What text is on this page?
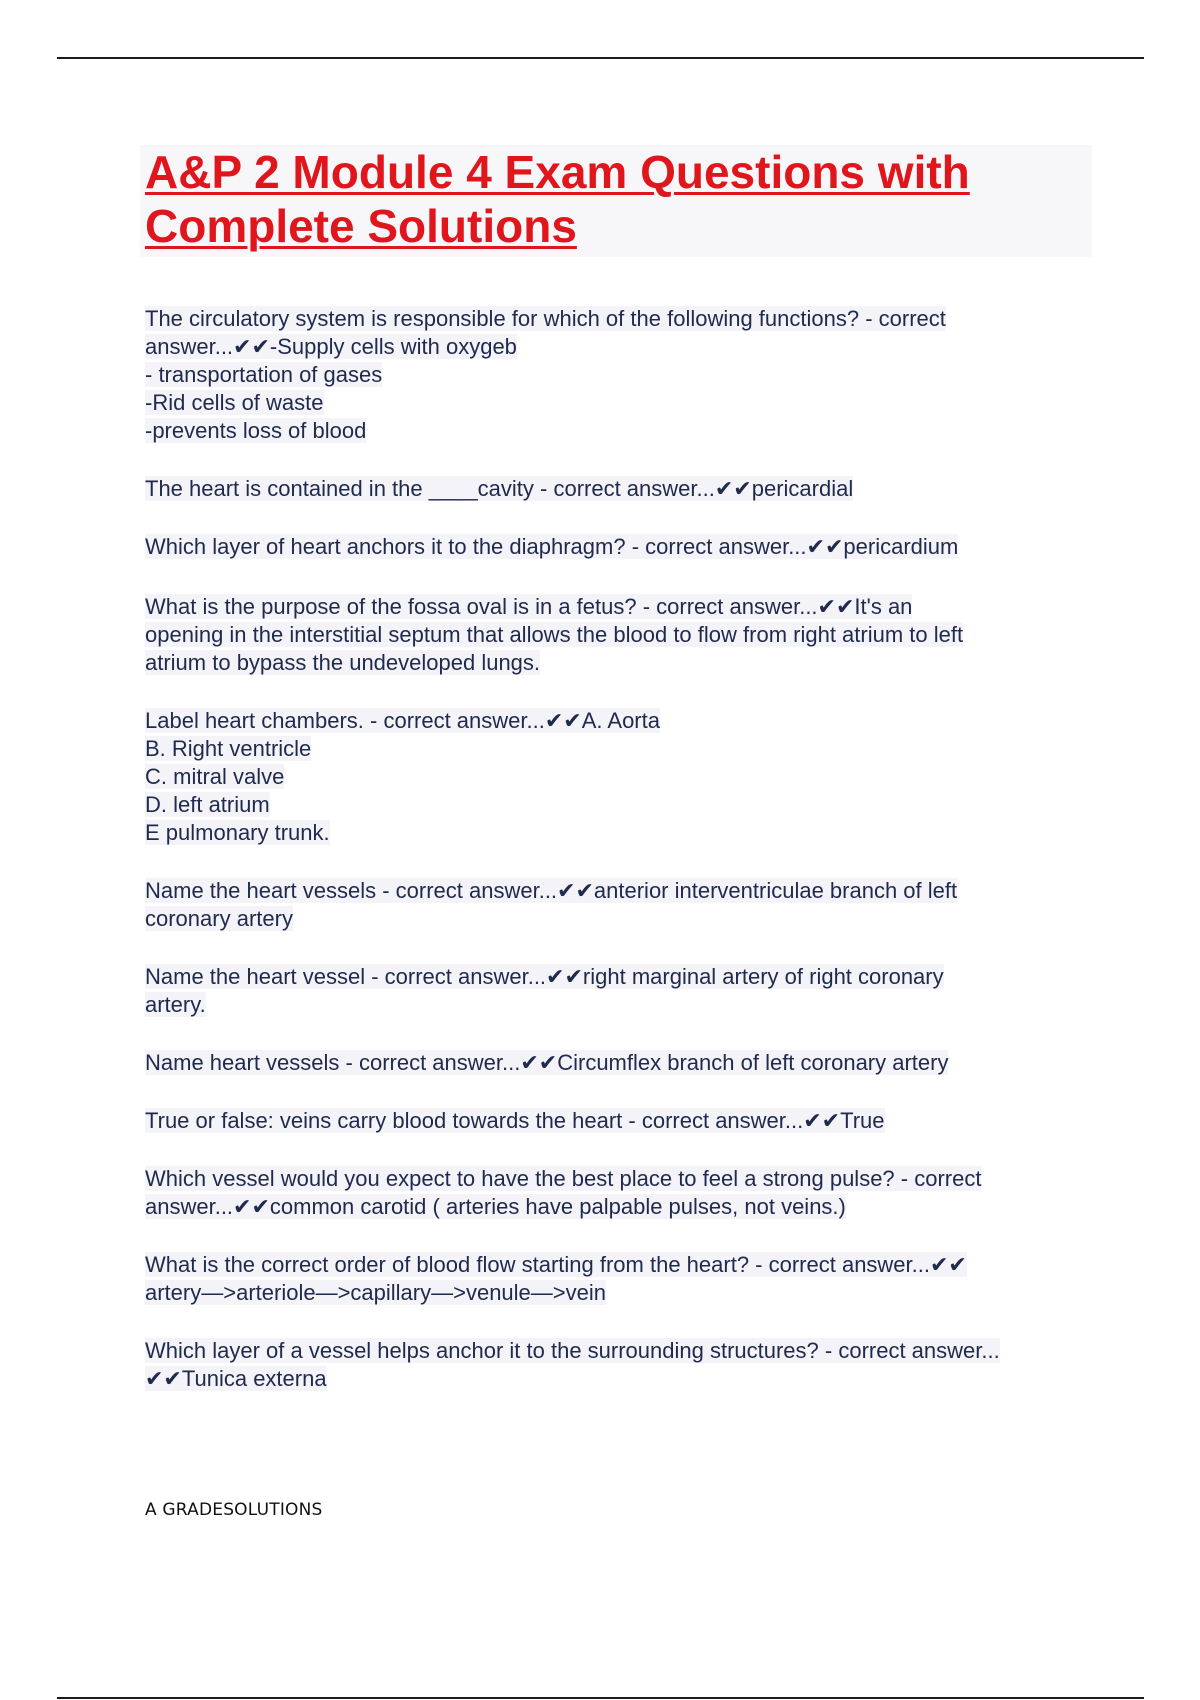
A&P 2 Module 4 Exam Questions with Complete Solutions

The circulatory system is responsible for which of the following functions? - correct
answer...✔✔-Supply cells with oxygeb
- transportation of gases
-Rid cells of waste
-prevents loss of blood

The heart is contained in the ____cavity - correct answer...✔✔pericardial

Which layer of heart anchors it to the diaphragm? - correct answer...✔✔pericardium

What is the purpose of the fossa oval is in a fetus? - correct answer...✔✔It's an
opening in the interstitial septum that allows the blood to flow from right atrium to left
atrium to bypass the undeveloped lungs.

Label heart chambers. - correct answer...✔✔A. Aorta
B. Right ventricle
C. mitral valve
D. left atrium
E pulmonary trunk.

Name the heart vessels - correct answer...✔✔anterior interventriculae branch of left
coronary artery

Name the heart vessel - correct answer...✔✔right marginal artery of right coronary
artery.

Name heart vessels - correct answer...✔✔Circumflex branch of left coronary artery

True or false: veins carry blood towards the heart - correct answer...✔✔True

Which vessel would you expect to have the best place to feel a strong pulse? - correct
answer...✔✔common carotid ( arteries have palpable pulses, not veins.)

What is the correct order of blood flow starting from the heart? - correct answer...✔✔
artery—>arteriole—>capillary—>venule—>vein

Which layer of a vessel helps anchor it to the surrounding structures? - correct answer...
✔✔Tunica externa

A GRADESOLUTIONS
